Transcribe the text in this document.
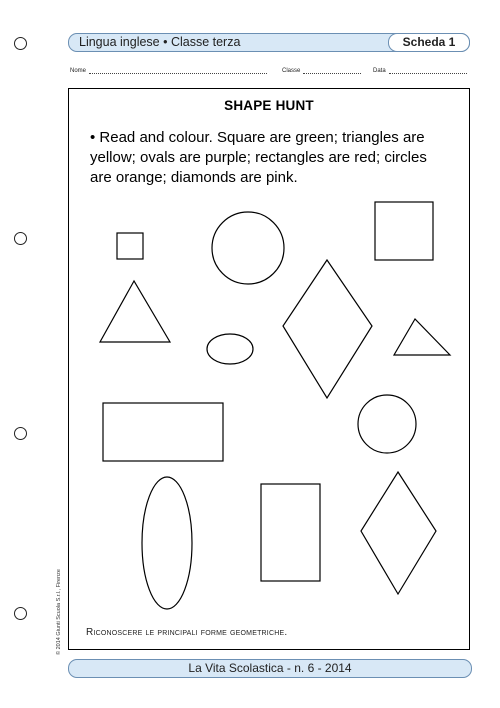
Lingua inglese • Classe terza	Scheda 1
Nome	Classe	Data
SHAPE HUNT
• Read and colour. Square are green; triangles are yellow; ovals are purple; rectangles are red; circles are orange; diamonds are pink.
Riconoscere le principali forme geometriche.
© 2014 Giunti Scuola S.r.l., Firenze
La Vita Scolastica - n. 6 - 2014
